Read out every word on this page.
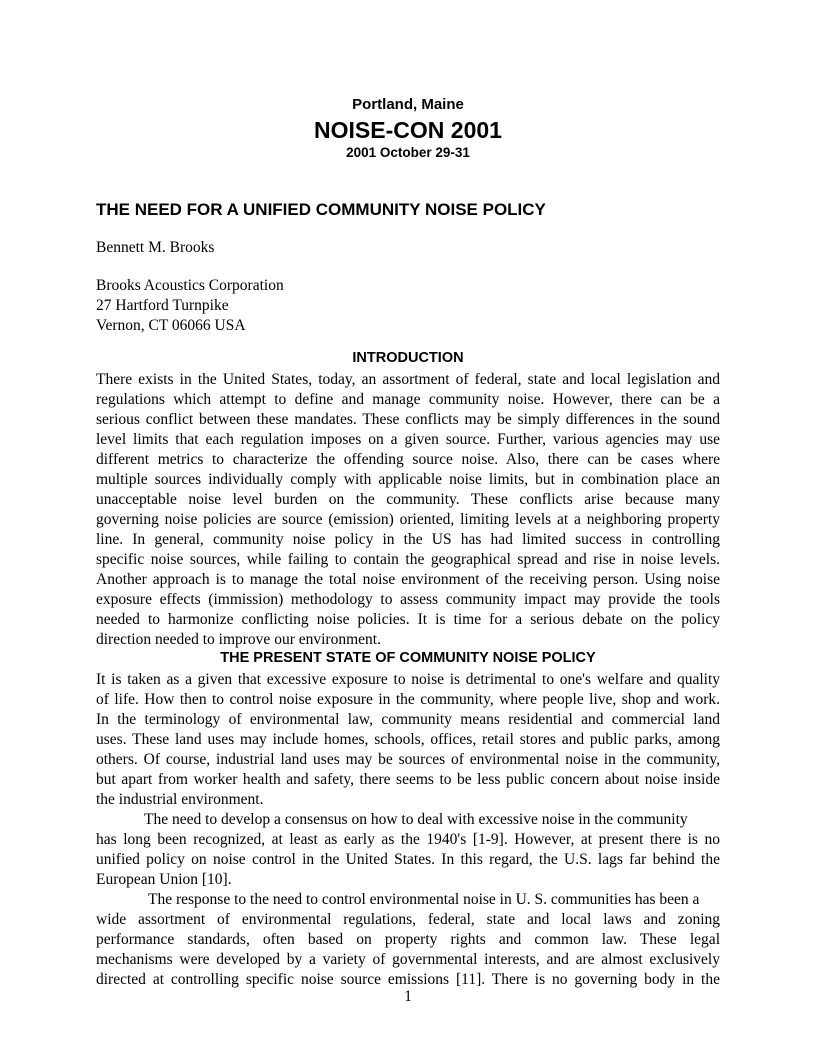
Portland, Maine
NOISE-CON 2001
2001 October 29-31
THE NEED FOR A UNIFIED COMMUNITY NOISE POLICY
Bennett M. Brooks
Brooks Acoustics Corporation
27 Hartford Turnpike
Vernon, CT 06066 USA
INTRODUCTION
There exists in the United States, today, an assortment of federal, state and local legislation and
regulations which attempt to define and manage community noise. However, there can be a
serious conflict between these mandates. These conflicts may be simply differences in the sound
level limits that each regulation imposes on a given source. Further, various agencies may use
different metrics to characterize the offending source noise. Also, there can be cases where
multiple sources individually comply with applicable noise limits, but in combination place an
unacceptable noise level burden on the community. These conflicts arise because many
governing noise policies are source (emission) oriented, limiting levels at a neighboring property
line. In general, community noise policy in the US has had limited success in controlling
specific noise sources, while failing to contain the geographical spread and rise in noise levels.
Another approach is to manage the total noise environment of the receiving person. Using noise
exposure effects (immission) methodology to assess community impact may provide the tools
needed to harmonize conflicting noise policies. It is time for a serious debate on the policy
direction needed to improve our environment.
THE PRESENT STATE OF COMMUNITY NOISE POLICY
It is taken as a given that excessive exposure to noise is detrimental to one's welfare and quality
of life. How then to control noise exposure in the community, where people live, shop and work.
In the terminology of environmental law, community means residential and commercial land
uses. These land uses may include homes, schools, offices, retail stores and public parks, among
others. Of course, industrial land uses may be sources of environmental noise in the community,
but apart from worker health and safety, there seems to be less public concern about noise inside
the industrial environment.
The need to develop a consensus on how to deal with excessive noise in the community
has long been recognized, at least as early as the 1940's [1-9]. However, at present there is no
unified policy on noise control in the United States. In this regard, the U.S. lags far behind the
European Union [10].
The response to the need to control environmental noise in U. S. communities has been a
wide assortment of environmental regulations, federal, state and local laws and zoning
performance standards, often based on property rights and common law. These legal
mechanisms were developed by a variety of governmental interests, and are almost exclusively
directed at controlling specific noise source emissions [11]. There is no governing body in the
1
